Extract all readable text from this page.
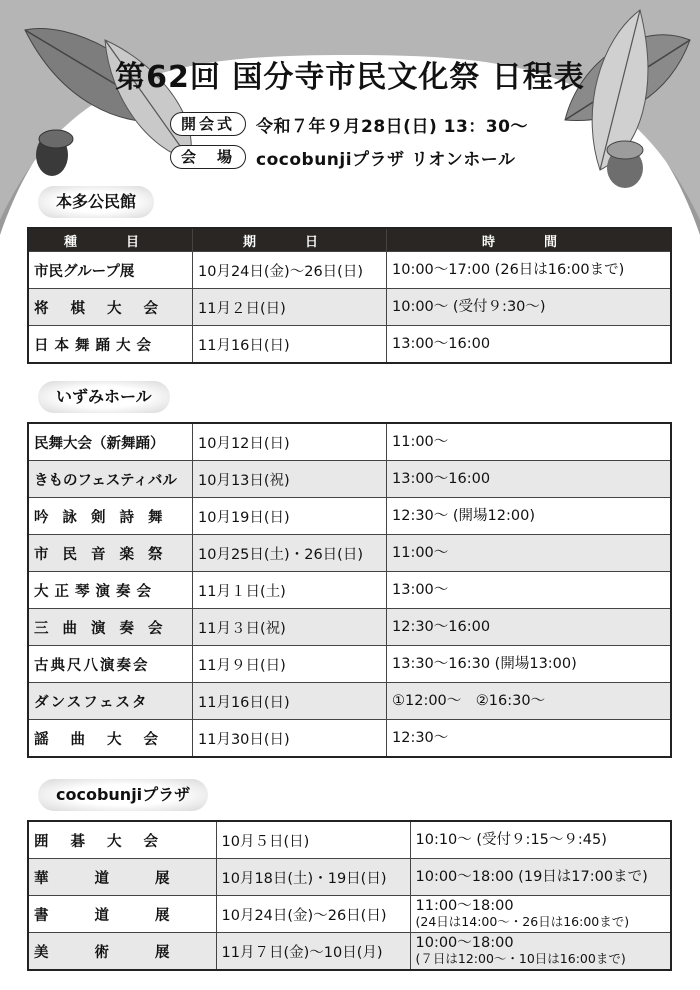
第62回 国分寺市民文化祭 日程表
開会式	令和７年９月28日(日) 13：30〜
会　場	cocobunjiプラザ リオンホール
本多公民館
種　目	期　日	時　間

市民グループ展	10月24日(金)〜26日(日)	10:00〜17:00 (26日は16:00まで)
将棋大会	11月２日(日)	10:00〜 (受付９:30〜)
日本舞踊大会	11月16日(日)	13:00〜16:00
いずみホール
民舞大会（新舞踊）	10月12日(日)	11:00〜
きものフェスティバル	10月13日(祝)	13:00〜16:00
吟詠剣詩舞	10月19日(日)	12:30〜 (開場12:00)
市民音楽祭	10月25日(土)・26日(日)	11:00〜
大正琴演奏会	11月１日(土)	13:00〜
三曲演奏会	11月３日(祝)	12:30〜16:00
古典尺八演奏会	11月９日(日)	13:30〜16:30 (開場13:00)
ダンスフェスタ	11月16日(日)	①12:00〜　②16:30〜
謡曲大会	11月30日(日)	12:30〜
cocobunjiプラザ
囲碁大会	10月５日(日)	10:10〜 (受付９:15〜９:45)
華道展	10月18日(土)・19日(日)	10:00〜18:00 (19日は17:00まで)
書道展	10月24日(金)〜26日(日)	11:00〜18:00
(24日は14:00〜・26日は16:00まで)

美術展	11月７日(金)〜10日(月)	10:00〜18:00
(７日は12:00〜・10日は16:00まで)
